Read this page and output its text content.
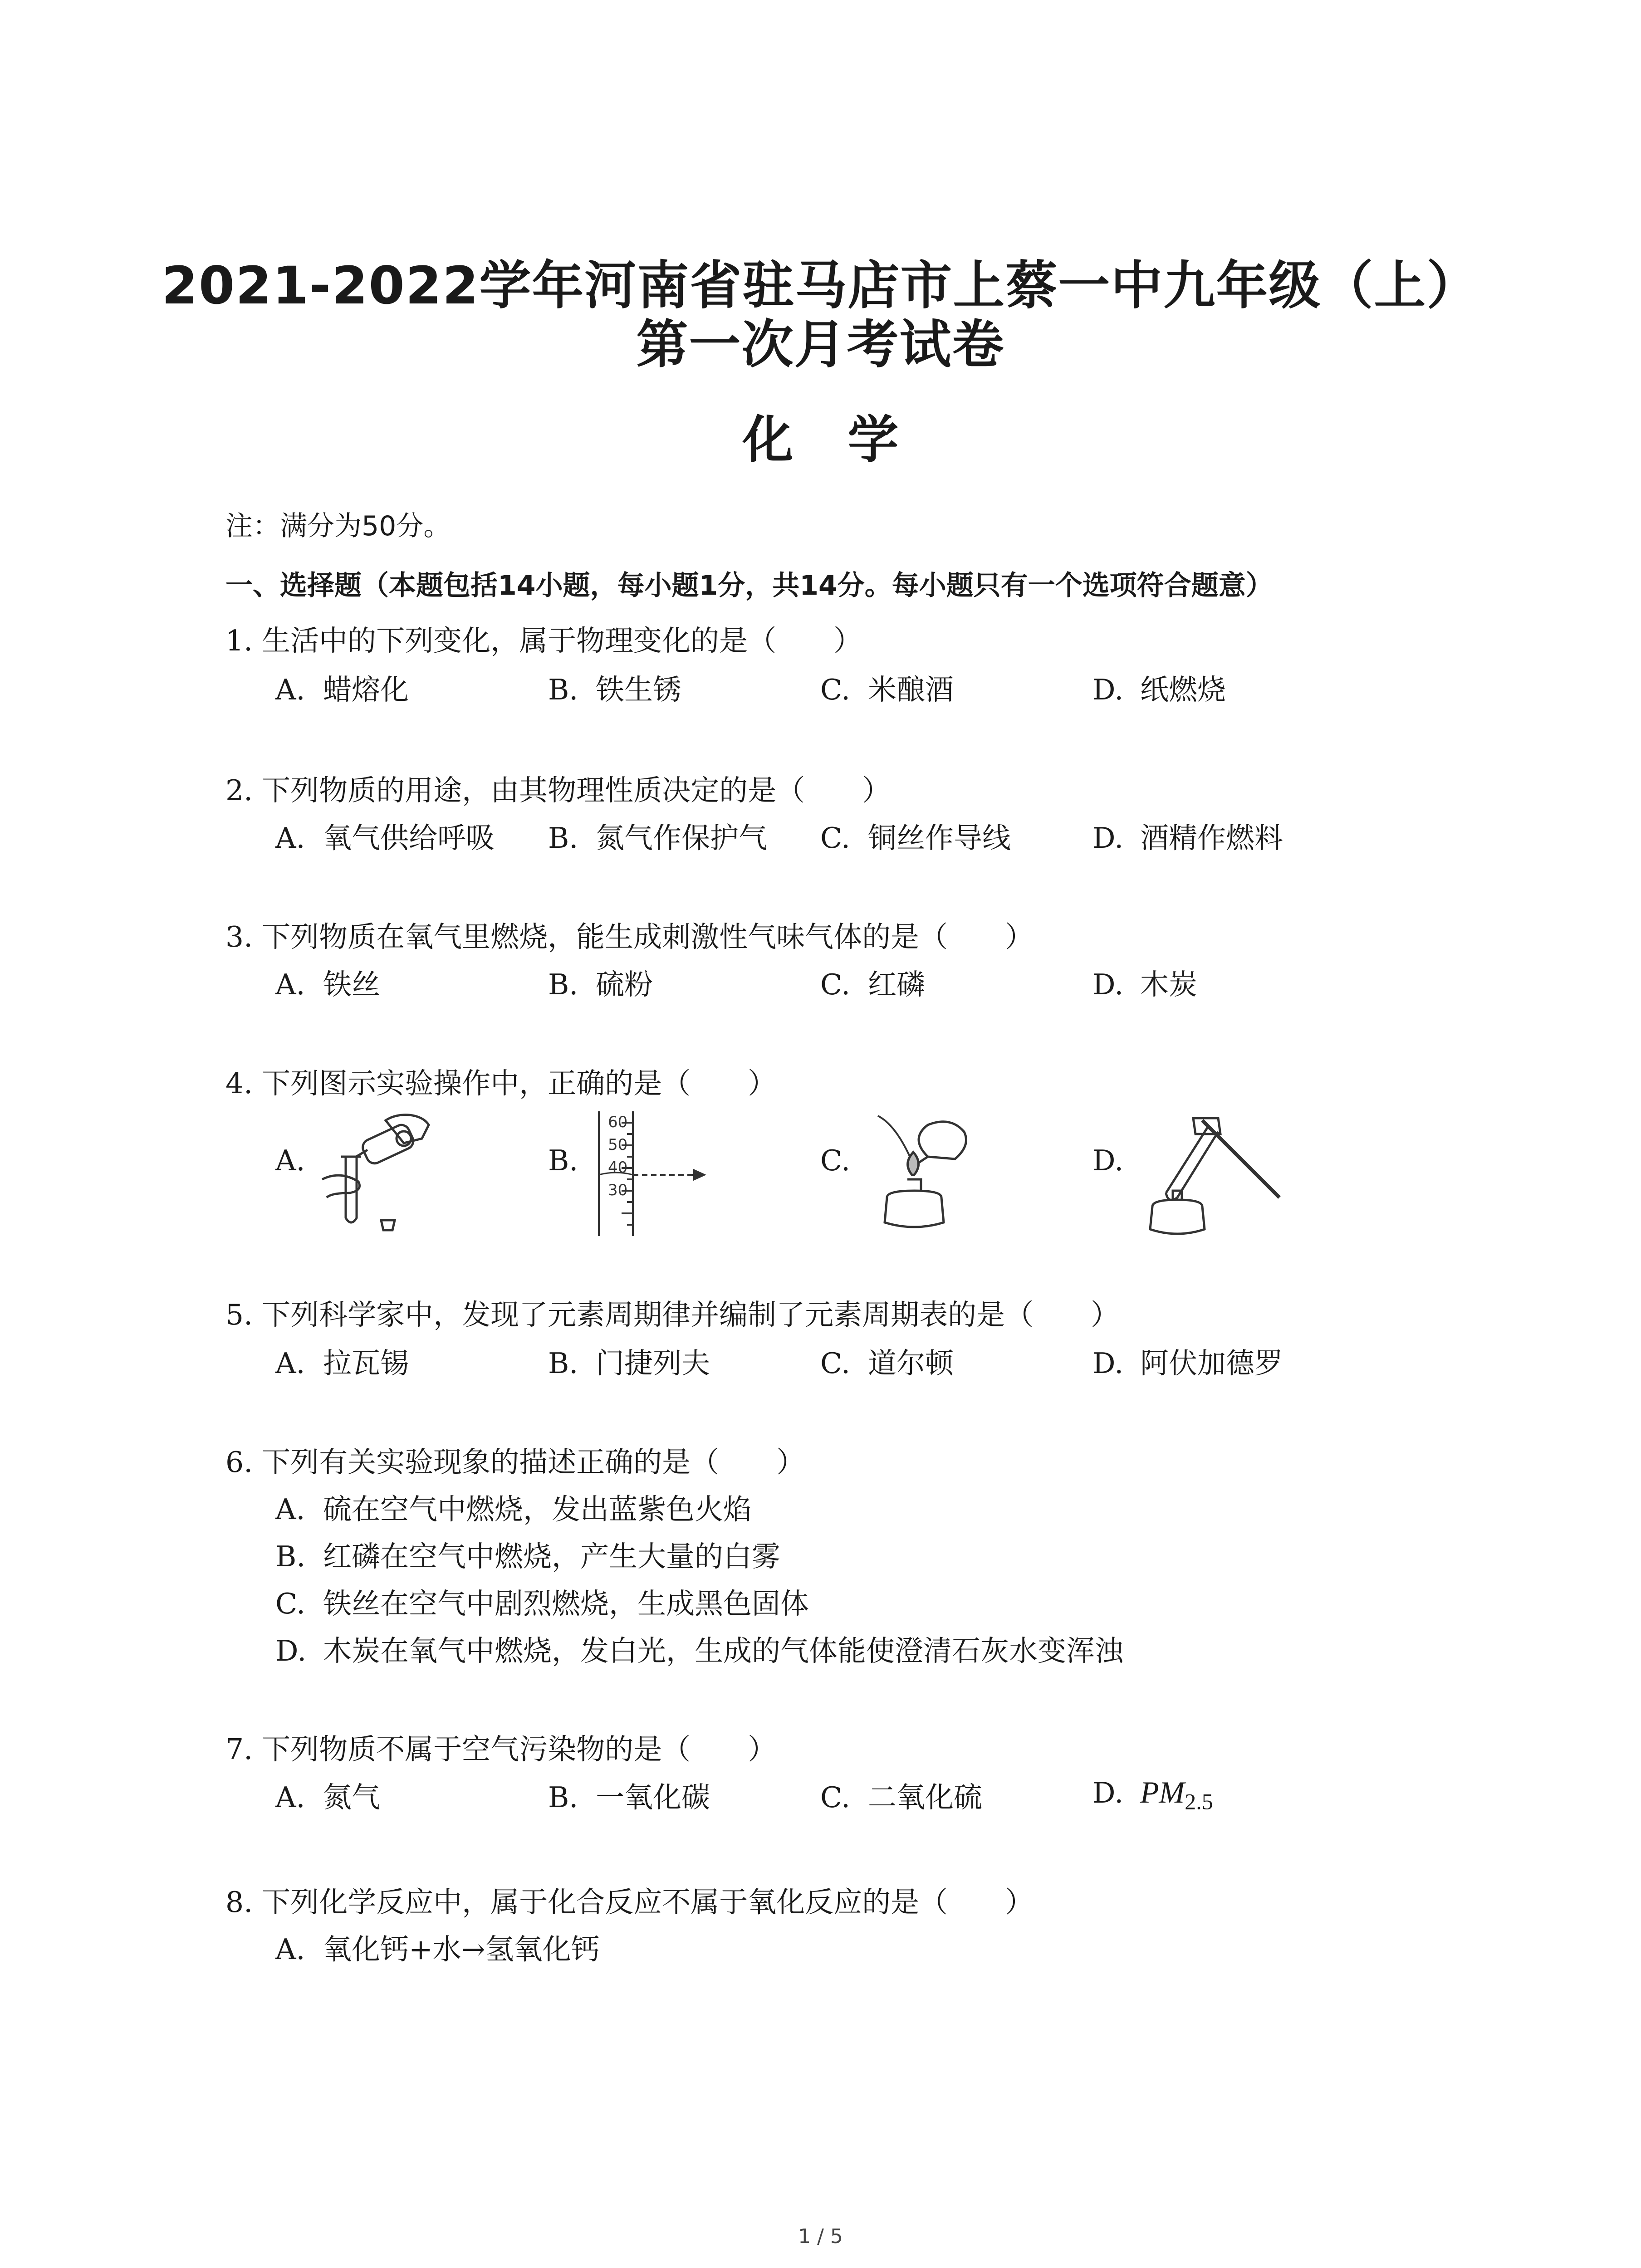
2021-2022学年河南省驻马店市上蔡一中九年级（上）
第一次月考试卷
化学
注：满分为50分。
一、选择题（本题包括14小题，每小题1分，共14分。每小题只有一个选项符合题意）
1. 生活中的下列变化，属于物理变化的是（　　）
A. 蜡熔化	B. 铁生锈	C. 米酿酒	D. 纸燃烧
2. 下列物质的用途，由其物理性质决定的是（　　）
A. 氧气供给呼吸 B. 氮气作保护气 C. 铜丝作导线	D. 酒精作燃料
3. 下列物质在氧气里燃烧，能生成刺激性气味气体的是（　　）
A. 铁丝	B. 硫粉	C. 红磷	D. 木炭
4. 下列图示实验操作中，正确的是（　　）
A.	B.
60
50
40
30
C.	D.
5. 下列科学家中，发现了元素周期律并编制了元素周期表的是（　　）
A. 拉瓦锡	B. 门捷列夫	C. 道尔顿	D. 阿伏加德罗
6. 下列有关实验现象的描述正确的是（　　）
A. 硫在空气中燃烧，发出蓝紫色火焰
B. 红磷在空气中燃烧，产生大量的白雾
C. 铁丝在空气中剧烈燃烧，生成黑色固体
D. 木炭在氧气中燃烧，发白光，生成的气体能使澄清石灰水变浑浊
7. 下列物质不属于空气污染物的是（　　）
A. 氮气	B. 一氧化碳	C. 二氧化硫	D. $PM_{2.5}$
8. 下列化学反应中，属于化合反应不属于氧化反应的是（　　）
A. 氧化钙+水→氢氧化钙
1 / 5
